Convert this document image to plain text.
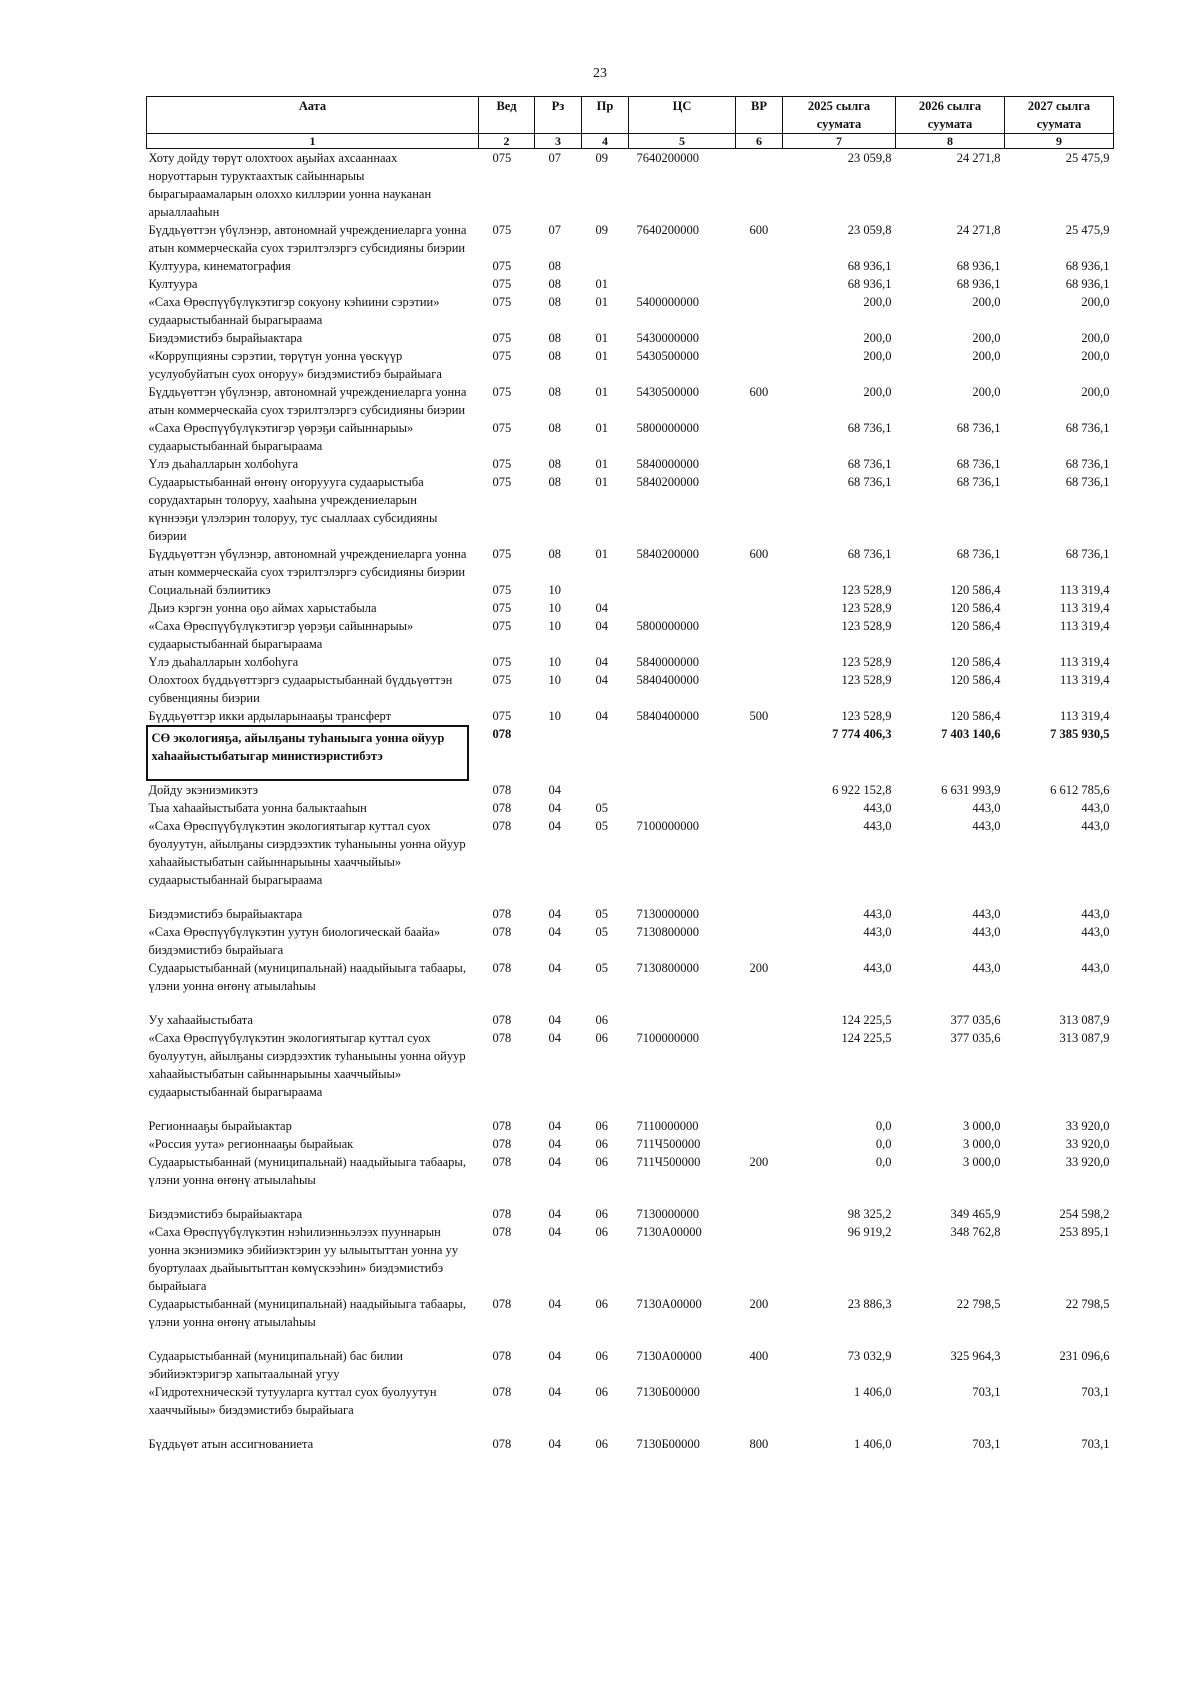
23
Аата	Вед	Рз	Пр	ЦС	ВР	2025 сылга суумата	2026 сылга суумата	2027 сылга суумата
1	2	3	4	5	6	7	8	9
Хоту дойду төрүт олохтоох аҕыйах ахсааннаах норуоттарын туруктаахтык сайыннарыы бырагыраамаларын олоххо киллэрии уонна науканан арыаллааһын	075	07	09	7640200000		23 059,8	24 271,8	25 475,9
Бүддьүөттэн үбүлэнэр, автономнай учреждениеларга уонна атын коммерческайа суох тэрилтэлэргэ субсидияны биэрии	075	07	09	7640200000	600	23 059,8	24 271,8	25 475,9
Култуура, кинематография	075	08				68 936,1	68 936,1	68 936,1
Култуура	075	08	01			68 936,1	68 936,1	68 936,1
«Саха Өрөспүүбүлүкэтигэр сокуону кэһиини сэрэтии» судаарыстыбаннай бырагыраама	075	08	01	5400000000		200,0	200,0	200,0
Биэдэмистибэ бырайыактара	075	08	01	5430000000		200,0	200,0	200,0
«Коррупцияны сэрэтии, төрүтүн уонна үөскүүр усулуобуйатын суох оҥоруу» биэдэмистибэ бырайыага	075	08	01	5430500000		200,0	200,0	200,0
Бүддьүөттэн үбүлэнэр, автономнай учреждениеларга уонна атын коммерческайа суох тэрилтэлэргэ субсидияны биэрии	075	08	01	5430500000	600	200,0	200,0	200,0
«Саха Өрөспүүбүлүкэтигэр үөрэҕи сайыннарыы» судаарыстыбаннай бырагыраама	075	08	01	5800000000		68 736,1	68 736,1	68 736,1
Үлэ дьаһалларын холбоһуга	075	08	01	5840000000		68 736,1	68 736,1	68 736,1
Судаарыстыбаннай өҥөнү оҥоруууга судаарыстыба сорудахтарын толоруу, хааһына учреждениеларын күннээҕи үлэлэрин толоруу, тус сыаллаах субсидияны биэрии	075	08	01	5840200000		68 736,1	68 736,1	68 736,1
Бүддьүөттэн үбүлэнэр, автономнай учреждениеларга уонна атын коммерческайа суох тэрилтэлэргэ субсидияны биэрии	075	08	01	5840200000	600	68 736,1	68 736,1	68 736,1
Социальнай бэлиитикэ	075	10				123 528,9	120 586,4	113 319,4
Дьиэ кэргэн уонна оҕо аймах харыстабыла	075	10	04			123 528,9	120 586,4	113 319,4
«Саха Өрөспүүбүлүкэтигэр үөрэҕи сайыннарыы» судаарыстыбаннай бырагыраама	075	10	04	5800000000		123 528,9	120 586,4	113 319,4
Үлэ дьаһалларын холбоһуга	075	10	04	5840000000		123 528,9	120 586,4	113 319,4
Олохтоох бүддьүөттэргэ судаарыстыбаннай бүддьүөттэн субвенцияны биэрии	075	10	04	5840400000		123 528,9	120 586,4	113 319,4
Бүддьүөттэр икки ардыларынааҕы трансферт	075	10	04	5840400000	500	123 528,9	120 586,4	113 319,4

СӨ экологияҕа, айылҕаны туһаныыга уонна ойуур хаһаайыстыбатыгар министиэристибэтэ	078					7 774 406,3	7 403 140,6	7 385 930,5
Дойду экэниэмикэтэ	078	04				6 922 152,8	6 631 993,9	6 612 785,6
Тыа хаһаайыстыбата уонна балыктааһын	078	04	05			443,0	443,0	443,0
«Саха Өрөспүүбүлүкэтин экологиятыгар куттал суох буолуутун, айылҕаны сиэрдээхтик туһаныыны уонна ойуур хаһаайыстыбатын сайыннарыыны хааччыйыы» судаарыстыбаннай бырагыраама	078	04	05	7100000000		443,0	443,0	443,0

Биэдэмистибэ бырайыактара	078	04	05	7130000000		443,0	443,0	443,0
«Саха Өрөспүүбүлүкэтин уутун биологическай баайа» биэдэмистибэ бырайыага	078	04	05	7130800000		443,0	443,0	443,0
Судаарыстыбаннай (муниципальнай) наадыйыыга табаары, үлэни уонна өҥөнү атыылаһыы	078	04	05	7130800000	200	443,0	443,0	443,0

Уу хаһаайыстыбата	078	04	06			124 225,5	377 035,6	313 087,9
«Саха Өрөспүүбүлүкэтин экологиятыгар куттал суох буолуутун, айылҕаны сиэрдээхтик туһаныыны уонна ойуур хаһаайыстыбатын сайыннарыыны хааччыйыы» судаарыстыбаннай бырагыраама	078	04	06	7100000000		124 225,5	377 035,6	313 087,9

Регионнааҕы бырайыактар	078	04	06	7110000000		0,0	3 000,0	33 920,0
«Россия уута» регионнааҕы бырайыак	078	04	06	711Ч500000		0,0	3 000,0	33 920,0
Судаарыстыбаннай (муниципальнай) наадыйыыга табаары, үлэни уонна өҥөнү атыылаһыы	078	04	06	711Ч500000	200	0,0	3 000,0	33 920,0

Биэдэмистибэ бырайыактара	078	04	06	7130000000		98 325,2	349 465,9	254 598,2
«Саха Өрөспүүбүлүкэтин нэһилиэнньэлээх пууннарын уонна экэниэмикэ эбийиэктэрин уу ылыытыттан уонна уу буортулаах дьайыытыттан көмүскээһин» биэдэмистибэ бырайыага	078	04	06	7130А00000		96 919,2	348 762,8	253 895,1
Судаарыстыбаннай (муниципальнай) наадыйыыга табаары, үлэни уонна өҥөнү атыылаһыы	078	04	06	7130А00000	200	23 886,3	22 798,5	22 798,5

Судаарыстыбаннай (муниципальнай) бас билии эбийиэктэригэр хапытаалынай угуу	078	04	06	7130А00000	400	73 032,9	325 964,3	231 096,6
«Гидротехническэй тутууларга куттал суох буолуутун хааччыйыы» биэдэмистибэ бырайыага	078	04	06	7130Б00000		1 406,0	703,1	703,1

Бүддьүөт атын ассигнованиета	078	04	06	7130Б00000	800	1 406,0	703,1	703,1
